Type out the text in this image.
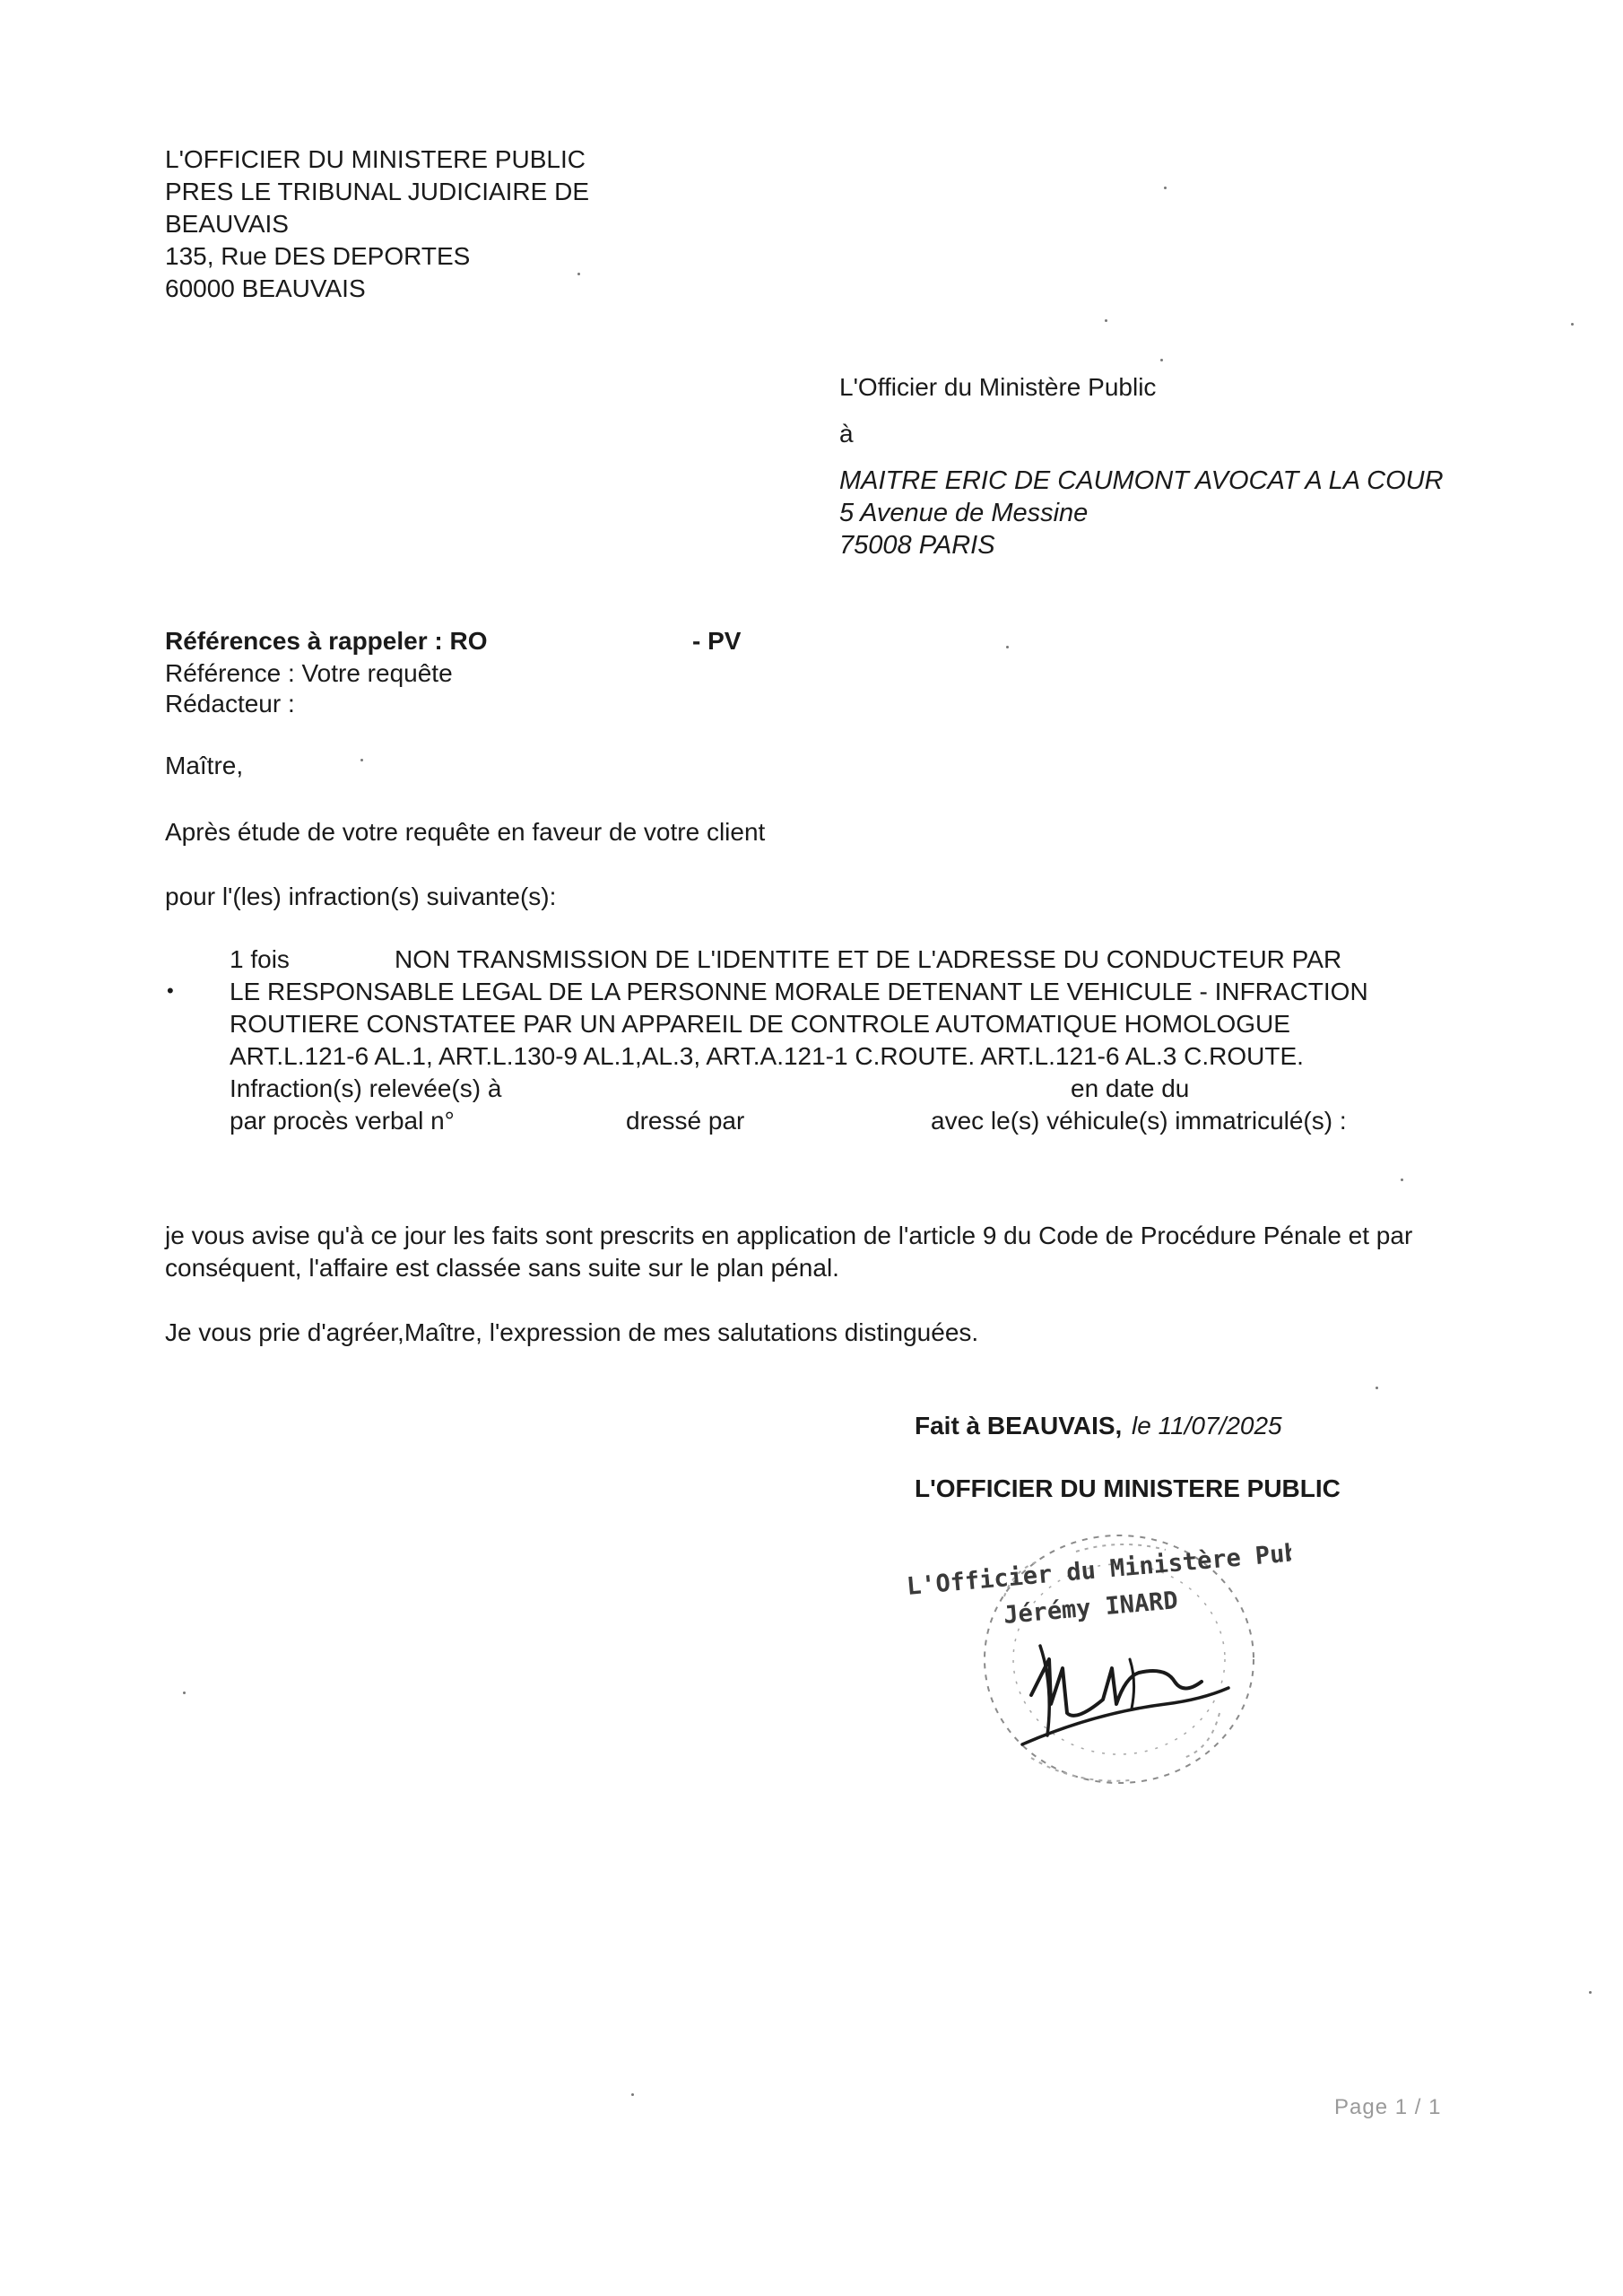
L'OFFICIER DU MINISTERE PUBLIC
PRES LE TRIBUNAL JUDICIAIRE DE
BEAUVAIS
135, Rue DES DEPORTES
60000 BEAUVAIS
L'Officier du Ministère Public
à
MAITRE ERIC DE CAUMONT AVOCAT A LA COUR
5 Avenue de Messine
75008 PARIS
Références à rappeler : RO	- PV
Référence : Votre requête
Rédacteur :
Maître,
Après étude de votre requête en faveur de votre client
pour l'(les) infraction(s) suivante(s):
1 fois	NON TRANSMISSION DE L'IDENTITE ET DE L'ADRESSE DU CONDUCTEUR PAR
• LE RESPONSABLE LEGAL DE LA PERSONNE MORALE DETENANT LE VEHICULE - INFRACTION
ROUTIERE CONSTATEE PAR UN APPAREIL DE CONTROLE AUTOMATIQUE HOMOLOGUE
ART.L.121-6 AL.1, ART.L.130-9 AL.1,AL.3, ART.A.121-1 C.ROUTE. ART.L.121-6 AL.3 C.ROUTE.
Infraction(s) relevée(s) à	en date du
par procès verbal n°	dressé par	avec le(s) véhicule(s) immatriculé(s) :
je vous avise qu'à ce jour les faits sont prescrits en application de l'article 9 du Code de Procédure Pénale et par
conséquent, l'affaire est classée sans suite sur le plan pénal.
Je vous prie d'agréer,Maître, l'expression de mes salutations distinguées.
Fait à BEAUVAIS, le 11/07/2025
L'OFFICIER DU MINISTERE PUBLIC
L'Officier du Ministère Public
Jérémy INARD
Page 1 / 1
